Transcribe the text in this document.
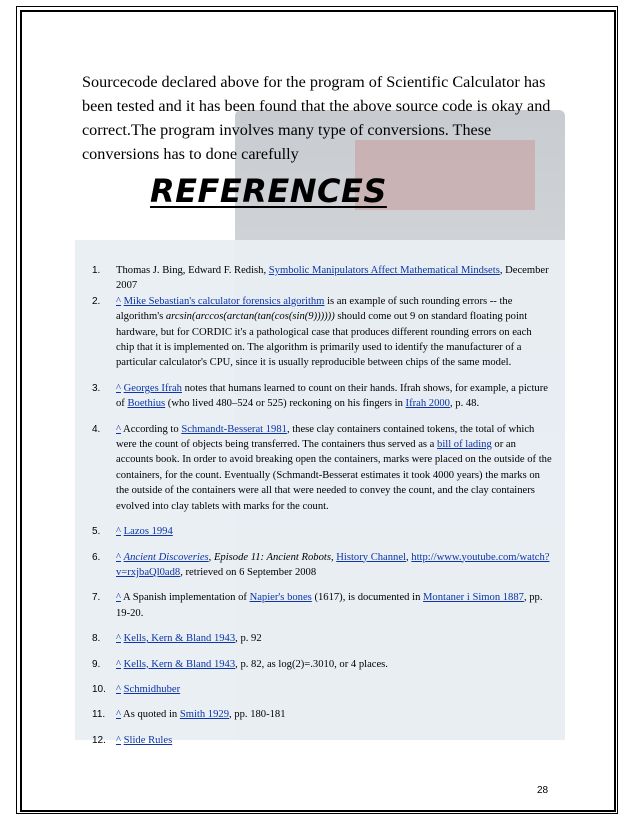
Sourcecode declared above for the program of Scientific Calculator has been tested and it has been found that the above source code is okay and correct.The program involves many type of conversions. These conversions has to done carefully

REFERENCES
1. Thomas J. Bing, Edward F. Redish, Symbolic Manipulators Affect Mathematical Mindsets, December 2007
2. ^ Mike Sebastian's calculator forensics algorithm is an example of such rounding errors -- the algorithm's arcsin(arccos(arctan(tan(cos(sin(9)))))) should come out 9 on standard floating point hardware, but for CORDIC it's a pathological case that produces different rounding errors on each chip that it is implemented on. The algorithm is primarily used to identify the manufacturer of a particular calculator's CPU, since it is usually reproducible between chips of the same model.
3. ^ Georges Ifrah notes that humans learned to count on their hands. Ifrah shows, for example, a picture of Boethius (who lived 480–524 or 525) reckoning on his fingers in Ifrah 2000, p. 48.
4. ^ According to Schmandt-Besserat 1981, these clay containers contained tokens, the total of which were the count of objects being transferred. The containers thus served as a bill of lading or an accounts book. In order to avoid breaking open the containers, marks were placed on the outside of the containers, for the count. Eventually (Schmandt-Besserat estimates it took 4000 years) the marks on the outside of the containers were all that were needed to convey the count, and the clay containers evolved into clay tablets with marks for the count.
5. ^ Lazos 1994
6. ^ Ancient Discoveries, Episode 11: Ancient Robots, History Channel, http://www.youtube.com/watch?v=rxjbaQl0ad8, retrieved on 6 September 2008
7. ^ A Spanish implementation of Napier's bones (1617), is documented in Montaner i Simon 1887, pp. 19-20.
8. ^ Kells, Kern & Bland 1943, p. 92
9. ^ Kells, Kern & Bland 1943, p. 82, as log(2)=.3010, or 4 places.
10. ^ Schmidhuber
11. ^ As quoted in Smith 1929, pp. 180-181
12. ^ Slide Rules
28
